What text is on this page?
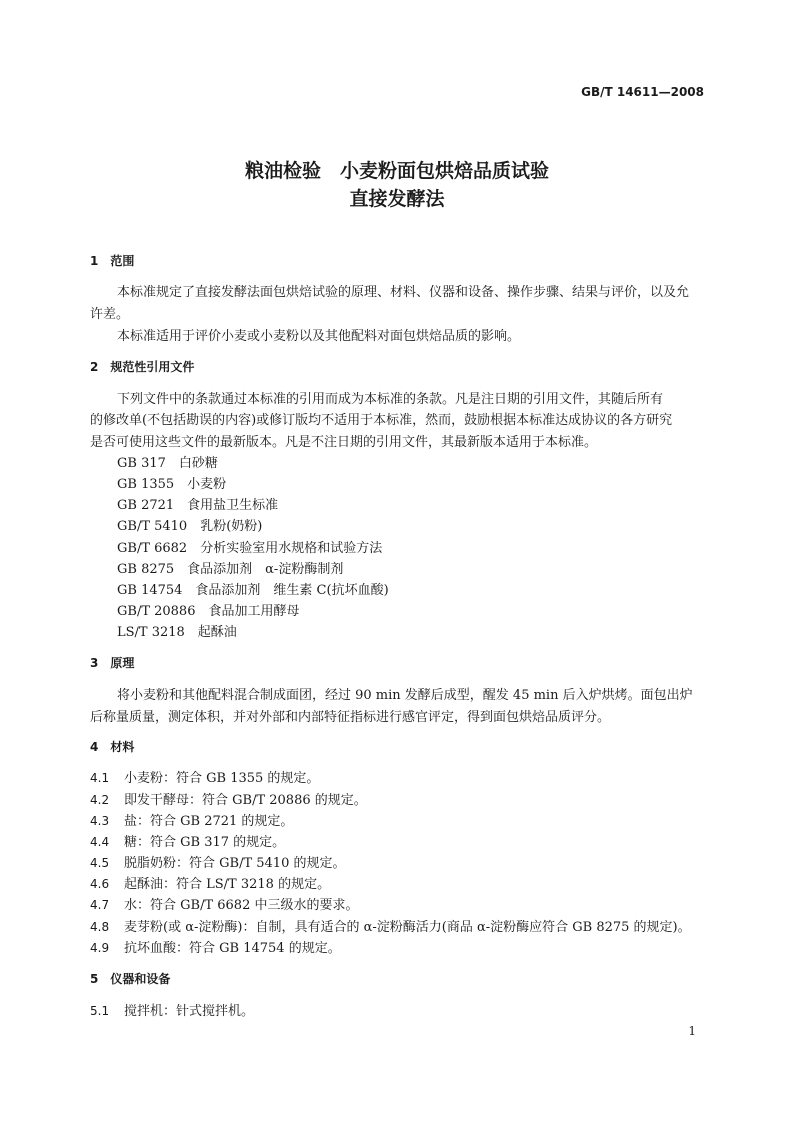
GB/T 14611—2008
粮油检验　小麦粉面包烘焙品质试验
直接发酵法
1　范围
本标准规定了直接发酵法面包烘焙试验的原理、材料、仪器和设备、操作步骤、结果与评价，以及允
许差。
本标准适用于评价小麦或小麦粉以及其他配料对面包烘焙品质的影响。
2　规范性引用文件
下列文件中的条款通过本标准的引用而成为本标准的条款。凡是注日期的引用文件，其随后所有
的修改单(不包括勘误的内容)或修订版均不适用于本标准，然而，鼓励根据本标准达成协议的各方研究
是否可使用这些文件的最新版本。凡是不注日期的引用文件，其最新版本适用于本标准。
GB 317　白砂糖
GB 1355　小麦粉
GB 2721　食用盐卫生标准
GB/T 5410　乳粉(奶粉)
GB/T 6682　分析实验室用水规格和试验方法
GB 8275　食品添加剂　α-淀粉酶制剂
GB 14754　食品添加剂　维生素 C(抗坏血酸)
GB/T 20886　食品加工用酵母
LS/T 3218　起酥油
3　原理
将小麦粉和其他配料混合制成面团，经过 90 min 发酵后成型，醒发 45 min 后入炉烘烤。面包出炉
后称量质量，测定体积，并对外部和内部特征指标进行感官评定，得到面包烘焙品质评分。
4　材料
4.1 小麦粉：符合 GB 1355 的规定。
4.2 即发干酵母：符合 GB/T 20886 的规定。
4.3 盐：符合 GB 2721 的规定。
4.4 糖：符合 GB 317 的规定。
4.5 脱脂奶粉：符合 GB/T 5410 的规定。
4.6 起酥油：符合 LS/T 3218 的规定。
4.7 水：符合 GB/T 6682 中三级水的要求。
4.8 麦芽粉(或 α-淀粉酶)：自制，具有适合的 α-淀粉酶活力(商品 α-淀粉酶应符合 GB 8275 的规定)。
4.9 抗坏血酸：符合 GB 14754 的规定。
5　仪器和设备
5.1 搅拌机：针式搅拌机。
1
